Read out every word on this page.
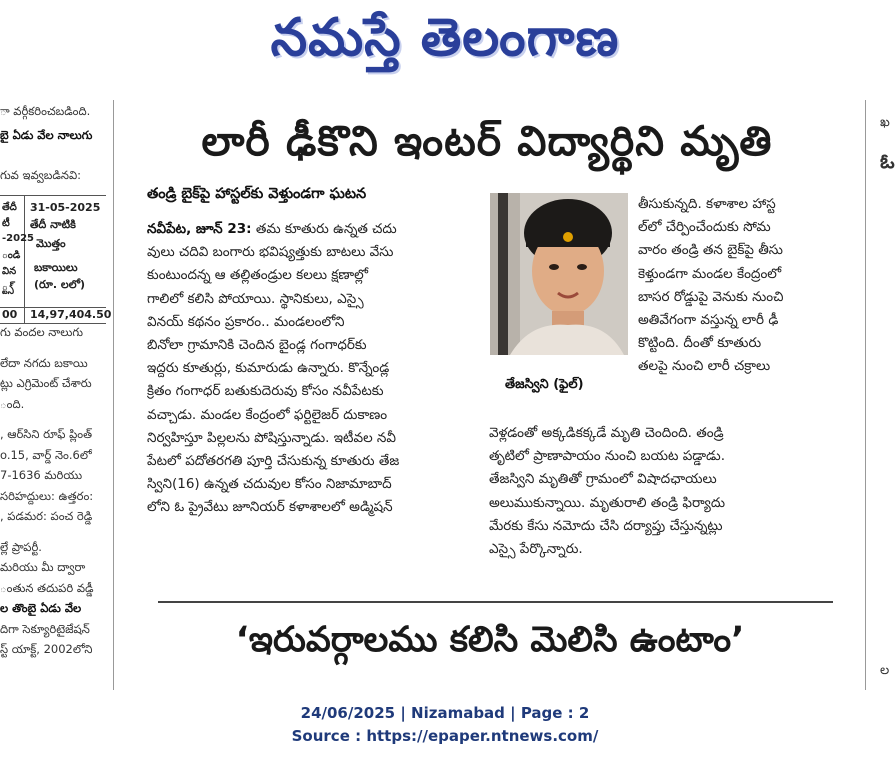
నమస్తే తెలంగాణ
ా వర్గీకరించబడింది.
బై ఏడు వేల నాలుగు
గువ ఇవ్వబడినవి:
తేదీ
టీ
-2025
ండి
విన
్ట్స్
31-05-2025
తేదీ నాటికి
మొత్తం
బకాయిలు
(రూ. లలో)
00 14,97,404.50
గు వందల నాలుగు
లేదా నగదు బకాయి
ట్లు ఎగ్రిమెంట్ చేశారు
ంది.
, ఆర్‌సిని రూఫ్ ప్లింత్
o.15, వార్డ్ నెం.6లో
7-1636 మరియు
సరిహద్దులు: ఉత్తరం:
, పడమర: పంచ రెడ్డి
ల్లే ప్రాపర్టీ.
మరియు మీ ద్వారా
ంతున తదుపరి వడ్డీ
ల తొంబై ఏడు వేల
దిగా సెక్యూరిటైజేషన్
స్ట్ యాక్ట్, 2002లోని
ఖ
ఓ
ల
లారీ ఢీకొని ఇంటర్ విద్యార్థిని మృతి
తండ్రి బైక్‌పై హాస్టల్‌కు వెళ్తుండగా ఘటన
నవీపేట, జూన్ 23: తమ కూతురు ఉన్నత చదు
వులు చదివి బంగారు భవిష్యత్తుకు బాటలు వేసు
కుంటుందన్న ఆ తల్లితండ్రుల కలలు క్షణాల్లో
గాలిలో కలిసి పోయాయి. స్థానికులు, ఎస్సై
వినయ్ కథనం ప్రకారం.. మండలంలోని
బినోలా గ్రామానికి చెందిన బైండ్ల గంగాధర్‌కు
ఇద్దరు కూతుర్లు, కుమారుడు ఉన్నారు. కొన్నేండ్ల
క్రితం గంగాధర్ బతుకుదెరువు కోసం నవీపేటకు
వచ్చాడు. మండల కేంద్రంలో ఫర్టిలైజర్ దుకాణం
నిర్వహిస్తూ పిల్లలను పోషిస్తున్నాడు. ఇటీవల నవీ
పేటలో పదోతరగతి పూర్తి చేసుకున్న కూతురు తేజ
స్విని(16) ఉన్నత చదువుల కోసం నిజామాబాద్
లోని ఓ ప్రైవేటు జూనియర్ కళాశాలలో అడ్మిషన్
తేజస్విని (ఫైల్)
తీసుకున్నది. కళాశాల హాస్ట
ల్‌లో చేర్పించేందుకు సోమ
వారం తండ్రి తన బైక్‌పై తీసు
కెళ్తుండగా మండల కేంద్రంలో
బాసర రోడ్డుపై వెనుకు నుంచి
అతివేగంగా వస్తున్న లారీ ఢీ
కొట్టింది. దీంతో కూతురు
తలపై నుంచి లారీ చక్రాలు
వెళ్లడంతో అక్కడికక్కడే మృతి చెందింది. తండ్రి
తృటిలో ప్రాణాపాయం నుంచి బయట పడ్డాడు.
తేజస్విని మృతితో గ్రామంలో విషాదఛాయలు
అలుముకున్నాయి. మృతురాలి తండ్రి ఫిర్యాదు
మేరకు కేసు నమోదు చేసి దర్యాప్తు చేస్తున్నట్లు
ఎస్సై పేర్కొన్నారు.
‘ఇరువర్గాలము కలిసి మెలిసి ఉంటాం’
24/06/2025 | Nizamabad | Page : 2
Source : https://epaper.ntnews.com/
